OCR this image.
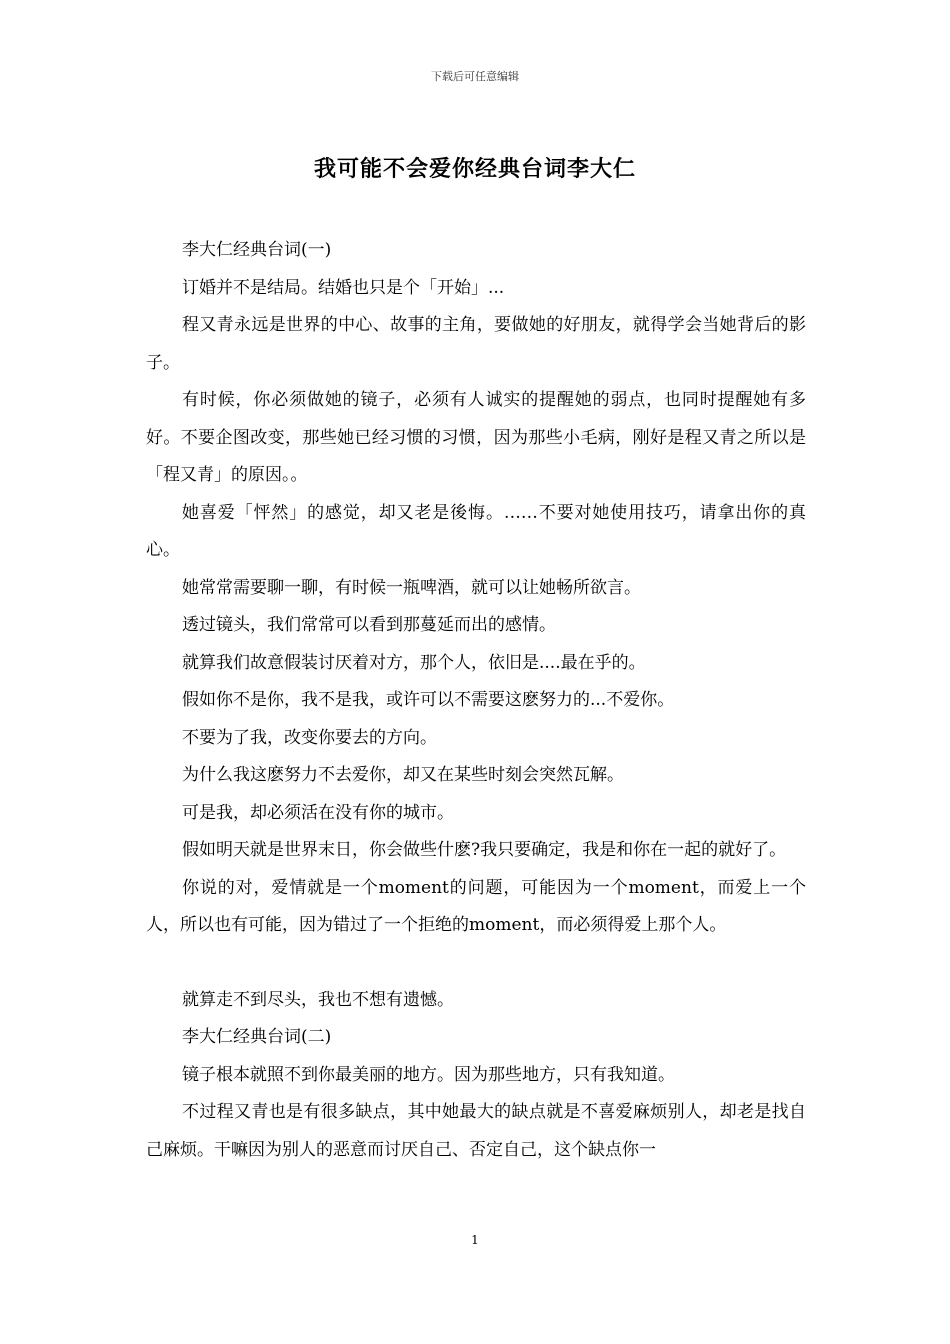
下载后可任意编辑
我可能不会爱你经典台词李大仁

李大仁经典台词(一)

订婚并不是结局。结婚也只是个「开始」...

程又青永远是世界的中心、故事的主角，要做她的好朋友，就得学会当她背后的影子。

有时候，你必须做她的镜子，必须有人诚实的提醒她的弱点，也同时提醒她有多好。不要企图改变，那些她已经习惯的习惯，因为那些小毛病，刚好是程又青之所以是「程又青」的原因。。

她喜爱「怦然」的感觉，却又老是後悔。……不要对她使用技巧，请拿出你的真心。

她常常需要聊一聊，有时候一瓶啤酒，就可以让她畅所欲言。

透过镜头，我们常常可以看到那蔓延而出的感情。

就算我们故意假装讨厌着对方，那个人，依旧是....最在乎的。

假如你不是你，我不是我，或许可以不需要这麽努力的...不爱你。

不要为了我，改变你要去的方向。

为什么我这麽努力不去爱你，却又在某些时刻会突然瓦解。

可是我，却必须活在没有你的城市。

假如明天就是世界末日，你会做些什麽?我只要确定，我是和你在一起的就好了。

你说的对，爱情就是一个moment的问题，可能因为一个moment，而爱上一个人，所以也有可能，因为错过了一个拒绝的moment，而必须得爱上那个人。

就算走不到尽头，我也不想有遗憾。

李大仁经典台词(二)

镜子根本就照不到你最美丽的地方。因为那些地方，只有我知道。

不过程又青也是有很多缺点，其中她最大的缺点就是不喜爱麻烦别人，却老是找自己麻烦。干嘛因为别人的恶意而讨厌自己、否定自己，这个缺点你一

1
